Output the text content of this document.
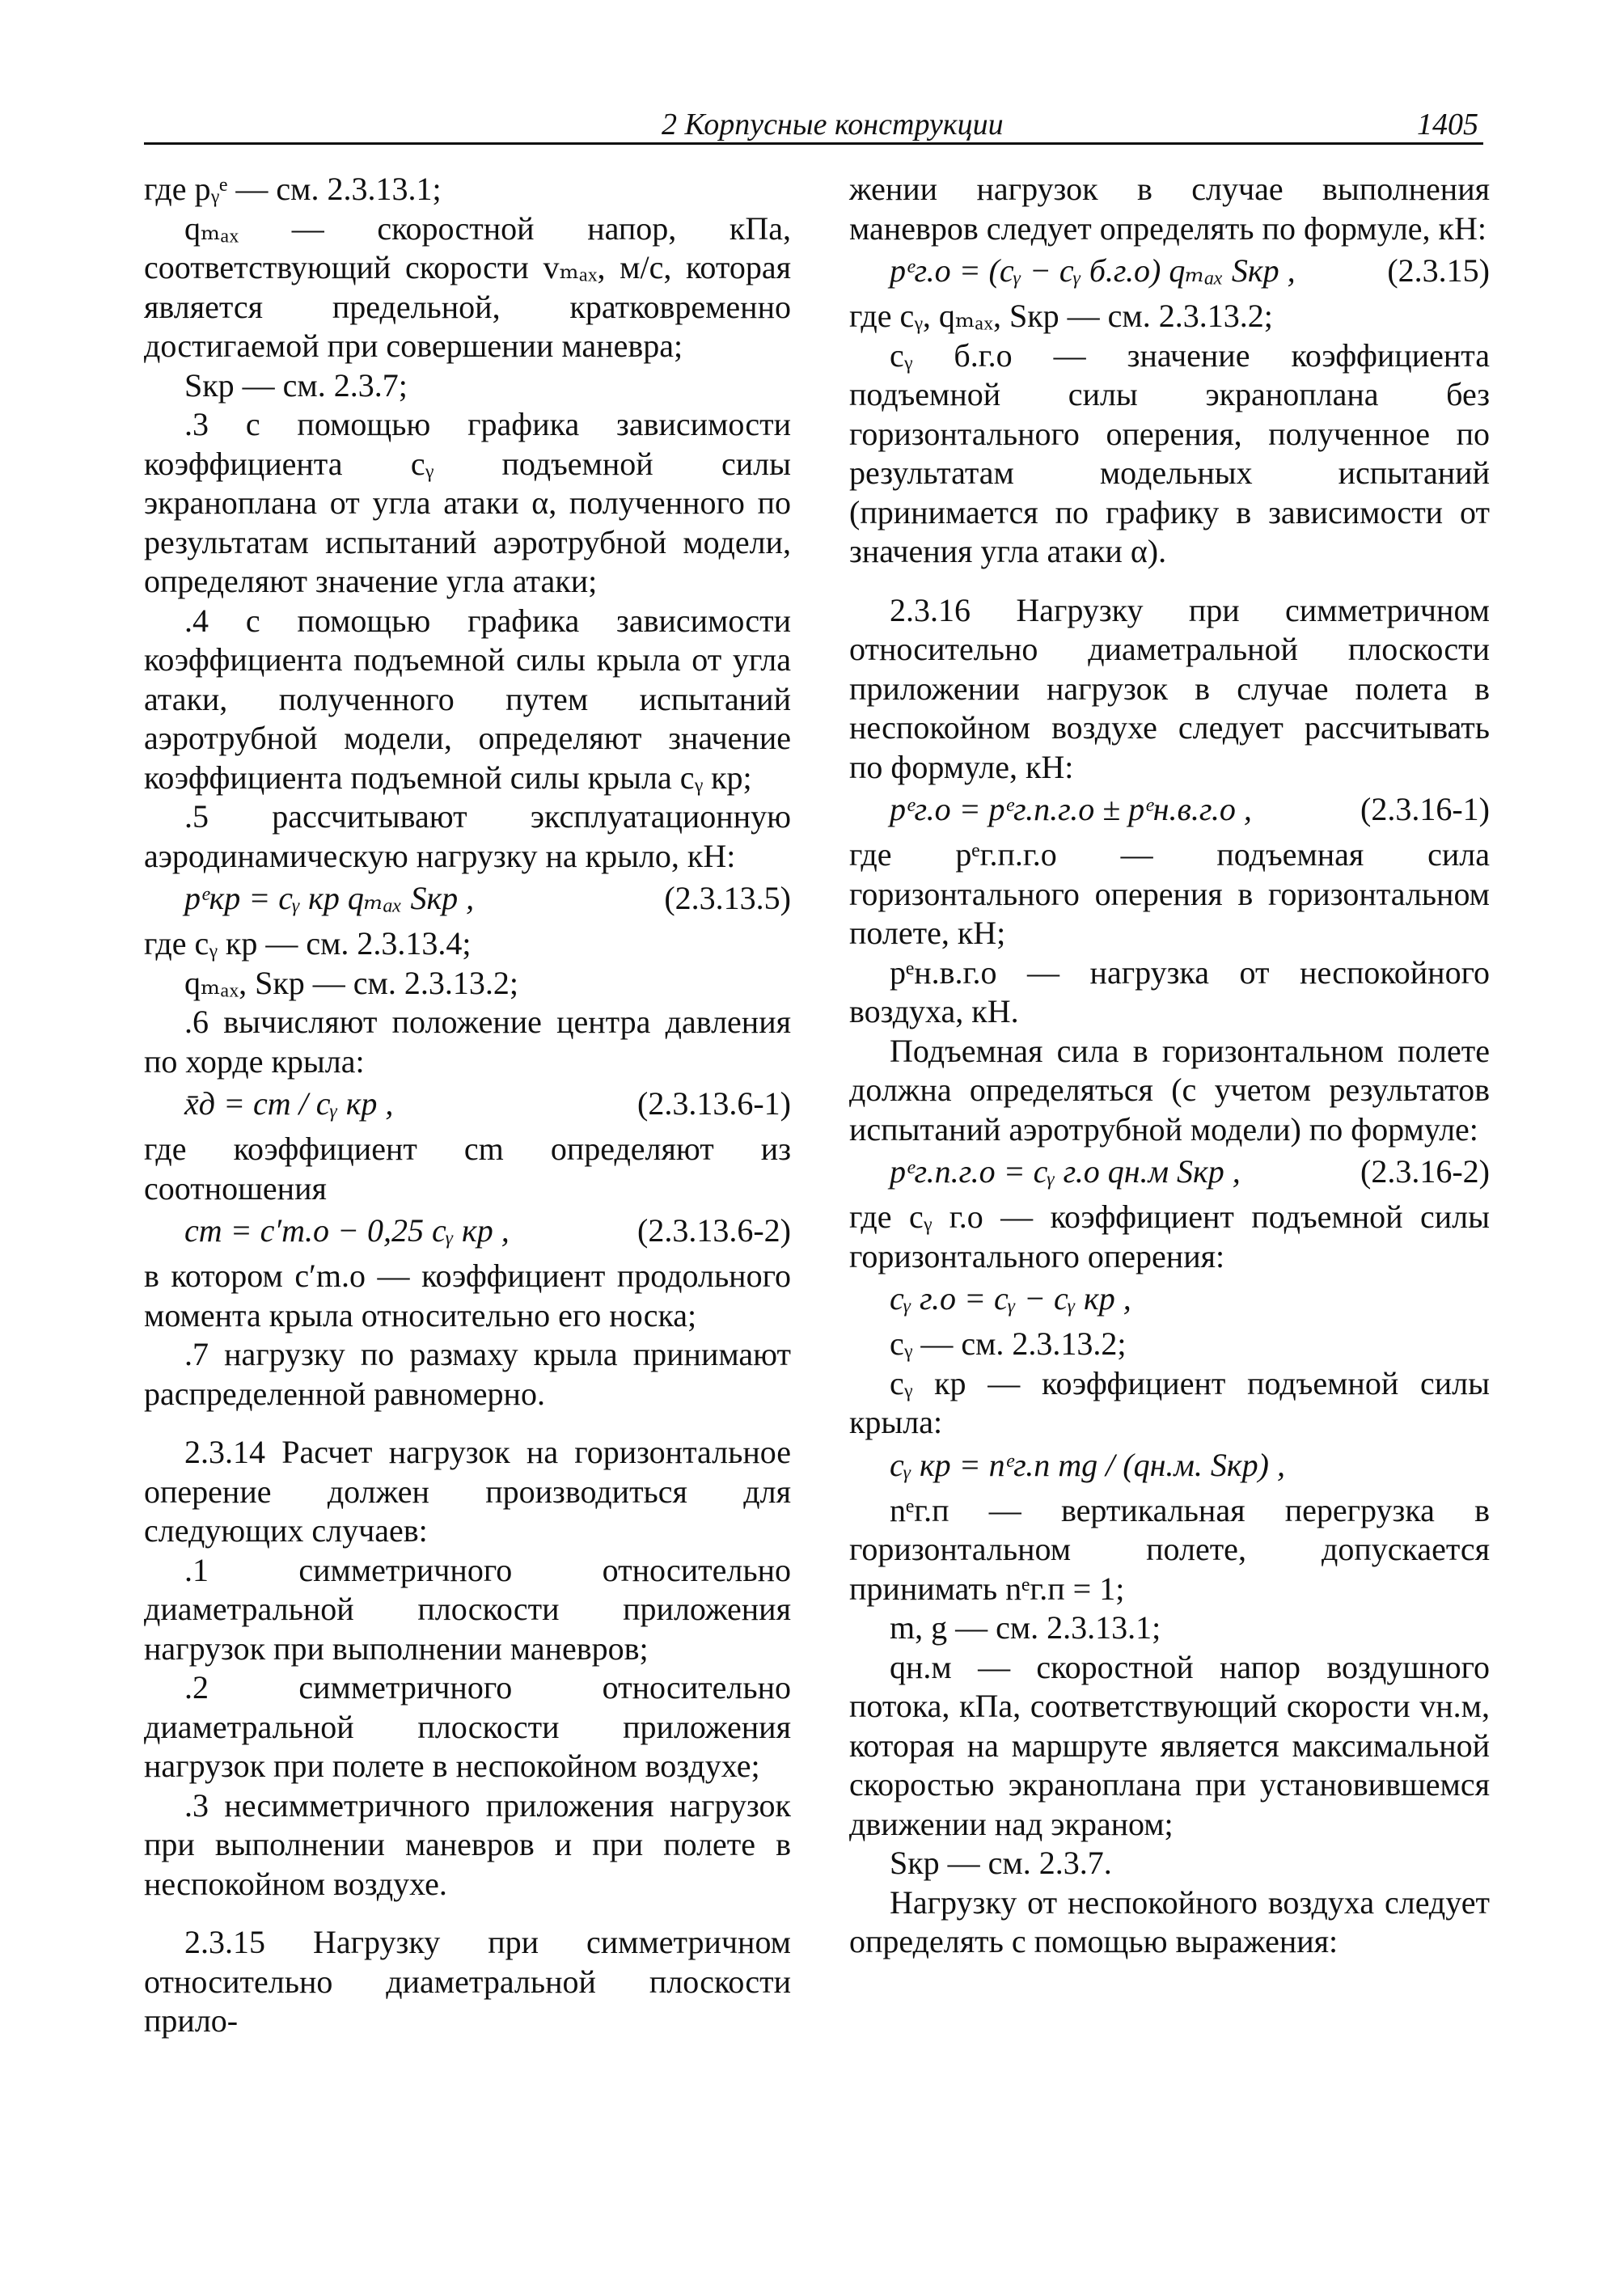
2 Корпусные конструкции	1405

где pᵧᵉ — см. 2.3.13.1;

qₘₐₓ — скоростной напор, кПа, соответствующий скорости vₘₐₓ, м/с, которая является предельной, кратковременно достигаемой при совершении маневра;

Sкр — см. 2.3.7;

.3 с помощью графика зависимости коэффициента cᵧ подъемной силы экраноплана от угла атаки α, полученного по результатам испытаний аэротрубной модели, определяют значение угла атаки;

.4 с помощью графика зависимости коэффициента подъемной силы крыла от угла атаки, полученного путем испытаний аэротрубной модели, определяют значение коэффициента подъемной силы крыла cᵧ кр;

.5 рассчитывают эксплуатационную аэродинамическую нагрузку на крыло, кН:

pᵉкр = cᵧ кр qₘₐₓ Sкр ,	(2.3.13.5)

где cᵧ кр — см. 2.3.13.4;

qₘₐₓ, Sкр — см. 2.3.13.2;

.6 вычисляют положение центра давления по хорде крыла:

x̄д = cm / cᵧ кр ,	(2.3.13.6-1)

где коэффициент cm определяют из соотношения

cm = c′m.o − 0,25 cᵧ кр ,	(2.3.13.6-2)

в котором c′m.o — коэффициент продольного момента крыла относительно его носка;

.7 нагрузку по размаху крыла принимают распределенной равномерно.

2.3.14 Расчет нагрузок на горизонтальное оперение должен производиться для следующих случаев:

.1 симметричного относительно диаметральной плоскости приложения нагрузок при выполнении маневров;

.2 симметричного относительно диаметральной плоскости приложения нагрузок при полете в неспокойном воздухе;

.3 несимметричного приложения нагрузок при выполнении маневров и при полете в неспокойном воздухе.

2.3.15 Нагрузку при симметричном относительно диаметральной плоскости прило-

жении нагрузок в случае выполнения маневров следует определять по формуле, кН:

pᵉг.о = (cᵧ − cᵧ б.г.о) qₘₐₓ Sкр ,	(2.3.15)

где cᵧ, qₘₐₓ, Sкр — см. 2.3.13.2;

cᵧ б.г.о — значение коэффициента подъемной силы экраноплана без горизонтального оперения, полученное по результатам модельных испытаний (принимается по графику в зависимости от значения угла атаки α).

2.3.16 Нагрузку при симметричном относительно диаметральной плоскости приложении нагрузок в случае полета в неспокойном воздухе следует рассчитывать по формуле, кН:

pᵉг.о = pᵉг.п.г.о ± pᵉн.в.г.о ,	(2.3.16-1)

где pᵉг.п.г.о — подъемная сила горизонтального оперения в горизонтальном полете, кН;

pᵉн.в.г.о — нагрузка от неспокойного воздуха, кН.

Подъемная сила в горизонтальном полете должна определяться (с учетом результатов испытаний аэротрубной модели) по формуле:

pᵉг.п.г.о = cᵧ г.о qн.м Sкр ,	(2.3.16-2)

где cᵧ г.о — коэффициент подъемной силы горизонтального оперения:

cᵧ г.о = cᵧ − cᵧ кр ,

cᵧ — см. 2.3.13.2;

cᵧ кр — коэффициент подъемной силы крыла:

cᵧ кр = nᵉг.п mg / (qн.м. Sкр) ,

nᵉг.п — вертикальная перегрузка в горизонтальном полете, допускается принимать nᵉг.п = 1;

m, g — см. 2.3.13.1;

qн.м — скоростной напор воздушного потока, кПа, соответствующий скорости vн.м, которая на маршруте является максимальной скоростью экраноплана при установившемся движении над экраном;

Sкр — см. 2.3.7.

Нагрузку от неспокойного воздуха следует определять с помощью выражения:
